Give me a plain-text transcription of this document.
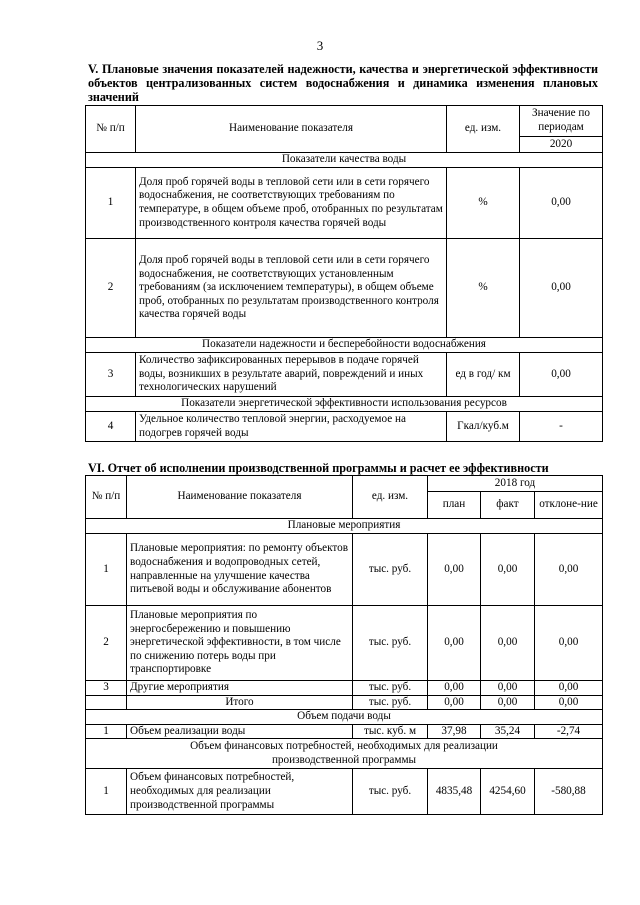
3
V. Плановые значения показателей надежности, качества и энергетической эффективности объектов централизованных систем водоснабжения и динамика изменения плановых значений
№ п/п	Наименование показателя	ед. изм.	Значение по периодам
			2020
Показатели качества воды			
1	Доля проб горячей воды в тепловой сети или в сети горячего водоснабжения, не соответствующих требованиям по температуре, в общем объеме проб, отобранных по результатам производственного контроля качества горячей воды	%	0,00
2	Доля проб горячей воды в тепловой сети или в сети горячего водоснабжения, не соответствующих установленным требованиям (за исключением температуры), в общем объеме проб, отобранных по результатам производственного контроля качества горячей воды	%	0,00
Показатели надежности и бесперебойности водоснабжения			
3	Количество зафиксированных перерывов в подаче горячей воды, возникших в результате аварий, повреждений и иных технологических нарушений	ед в год/ км	0,00
Показатели энергетической эффективности использования ресурсов			
4	Удельное количество тепловой энергии, расходуемое на подогрев горячей воды	Гкал/куб.м	-
VI. Отчет об исполнении производственной программы и расчет ее эффективности
№ п/п	Наименование показателя	ед. изм.	2018 год		
			план	факт	отклоне-ние
Плановые мероприятия					
1	Плановые мероприятия: по ремонту объектов водоснабжения и водопроводных сетей, направленные на улучшение качества питьевой воды и обслуживание абонентов	тыс. руб.	0,00	0,00	0,00
2	Плановые мероприятия по энергосбережению и повышению энергетической эффективности, в том числе по снижению потерь воды при транспортировке	тыс. руб.	0,00	0,00	0,00
3	Другие мероприятия	тыс. руб.	0,00	0,00	0,00
	Итого	тыс. руб.	0,00	0,00	0,00
Объем подачи воды					
1	Объем реализации воды	тыс. куб. м	37,98	35,24	-2,74
Объем финансовых потребностей, необходимых для реализации производственной программы					
1	Объем финансовых потребностей, необходимых для реализации производственной программы	тыс. руб.	4835,48	4254,60	-580,88
